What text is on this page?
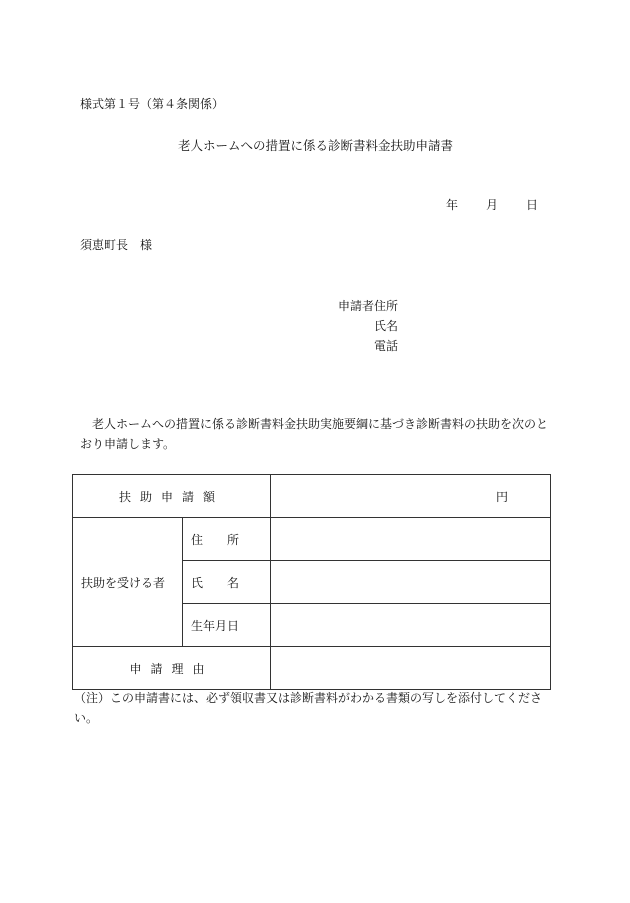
様式第１号（第４条関係）
老人ホームへの措置に係る診断書料金扶助申請書
年 月 日
須恵町長　様
申請者住所
氏名
電話
老人ホームへの措置に係る診断書料金扶助実施要綱に基づき診断書料の扶助を次のとおり申請します。
扶助申請額		円
扶助を受ける者	住　　所	
	氏　　名	
	生年月日	
申請理由		
（注）この申請書には、必ず領収書又は診断書料がわかる書類の写しを添付してください。
